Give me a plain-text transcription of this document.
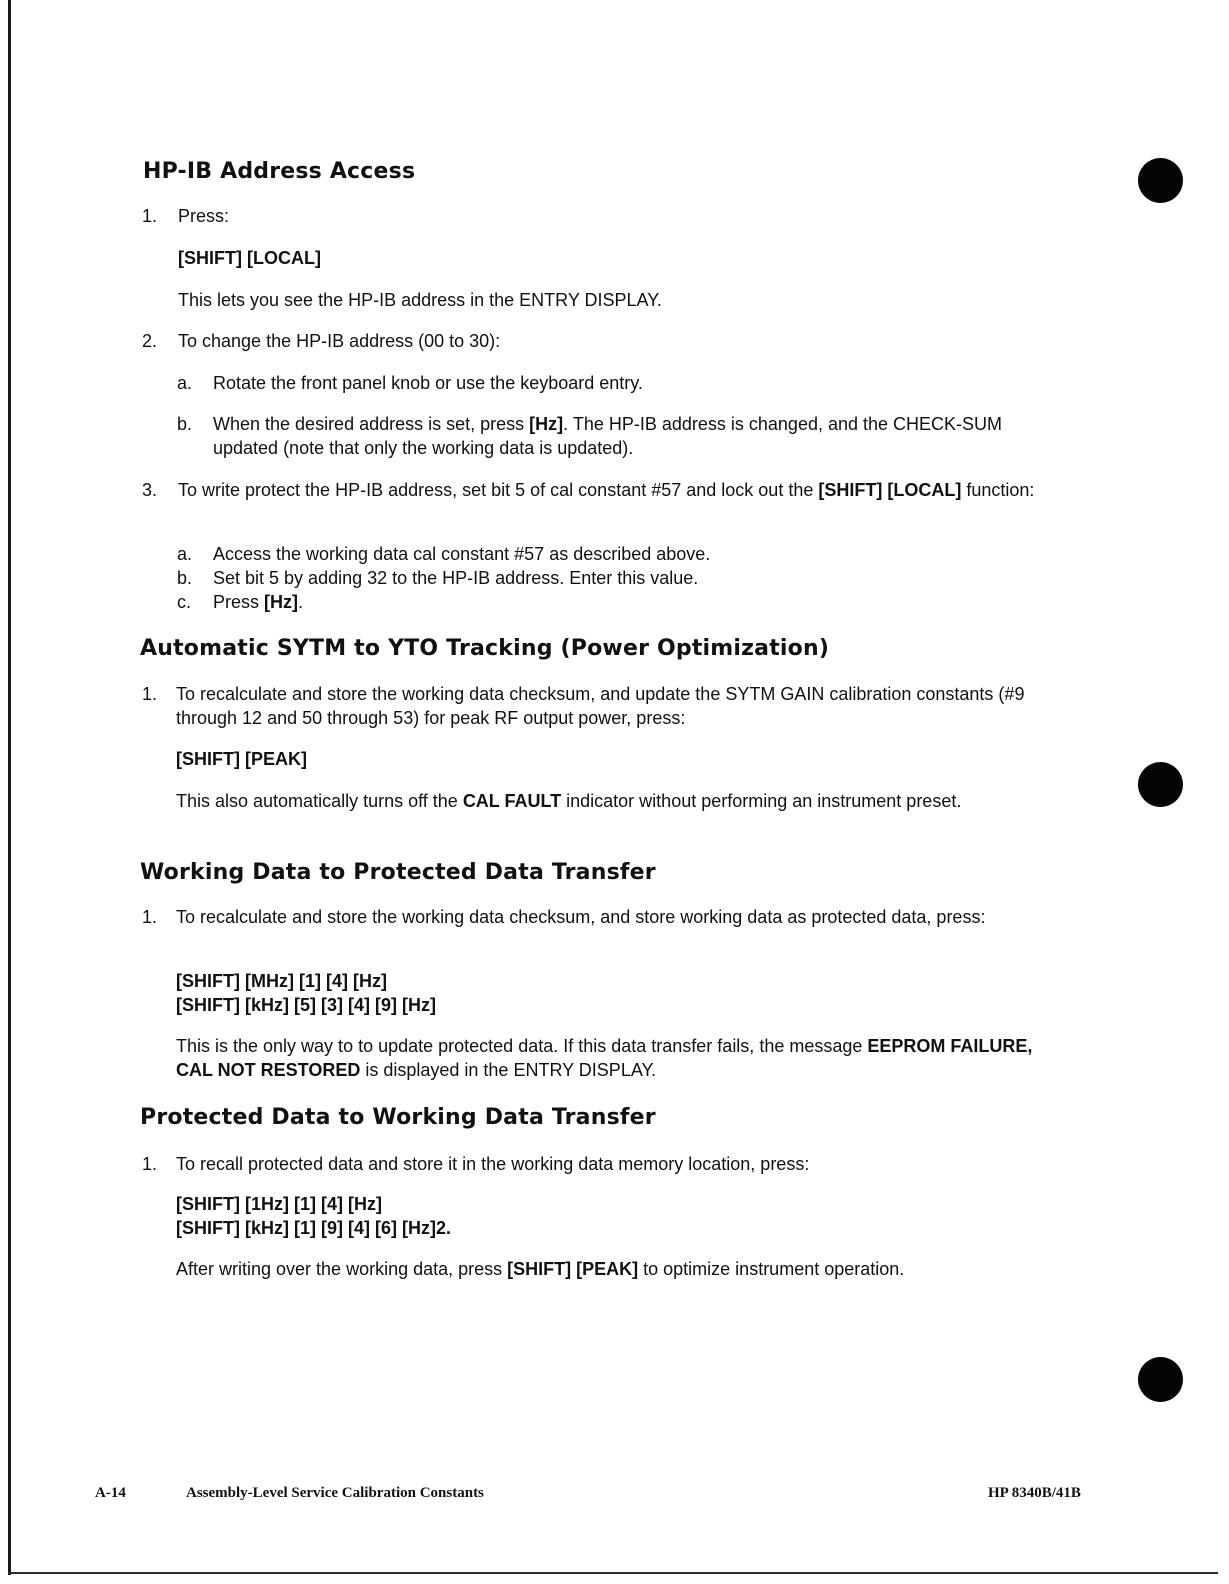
HP-IB Address Access
1. Press:

[SHIFT] [LOCAL]

This lets you see the HP-IB address in the ENTRY DISPLAY.

2. To change the HP-IB address (00 to 30):

a. Rotate the front panel knob or use the keyboard entry.

b. When the desired address is set, press [Hz]. The HP-IB address is changed, and the CHECK-SUM updated (note that only the working data is updated).

3. To write protect the HP-IB address, set bit 5 of cal constant #57 and lock out the [SHIFT] [LOCAL] function:

a. Access the working data cal constant #57 as described above.

b. Set bit 5 by adding 32 to the HP-IB address. Enter this value.

c. Press [Hz].

Automatic SYTM to YTO Tracking (Power Optimization)
1. To recalculate and store the working data checksum, and update the SYTM GAIN calibration constants (#9 through 12 and 50 through 53) for peak RF output power, press:

[SHIFT] [PEAK]

This also automatically turns off the CAL FAULT indicator without performing an instrument preset.

Working Data to Protected Data Transfer
1. To recalculate and store the working data checksum, and store working data as protected data, press:

[SHIFT] [MHz] [1] [4] [Hz]

[SHIFT] [kHz] [5] [3] [4] [9] [Hz]

This is the only way to to update protected data. If this data transfer fails, the message EEPROM FAILURE, CAL NOT RESTORED is displayed in the ENTRY DISPLAY.

Protected Data to Working Data Transfer
1. To recall protected data and store it in the working data memory location, press:

[SHIFT] [1Hz] [1] [4] [Hz]

[SHIFT] [kHz] [1] [9] [4] [6] [Hz]2.

After writing over the working data, press [SHIFT] [PEAK] to optimize instrument operation.

A-14	Assembly-Level Service Calibration Constants	HP 8340B/41B
